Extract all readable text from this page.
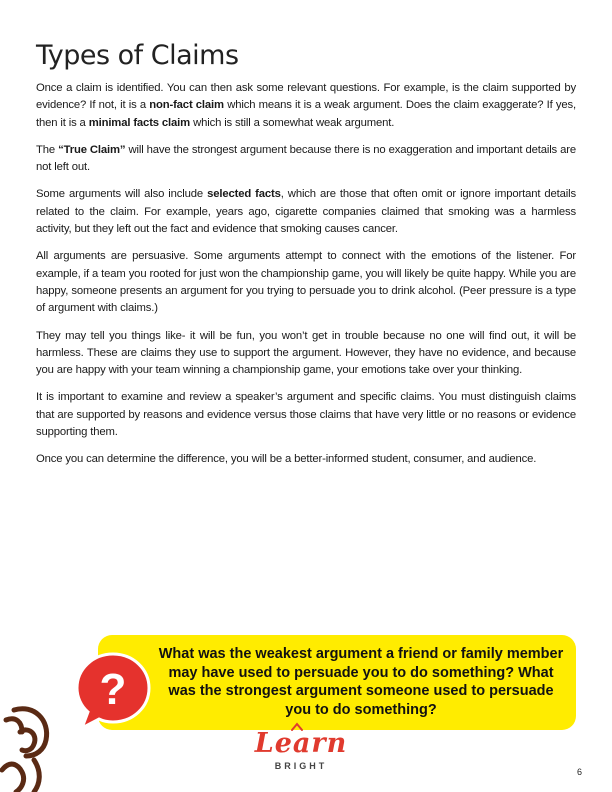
Types of Claims

Once a claim is identified. You can then ask some relevant questions. For example, is the claim supported by evidence? If not, it is a non-fact claim which means it is a weak argument. Does the claim exaggerate? If yes, then it is a minimal facts claim which is still a somewhat weak argument.

The “True Claim” will have the strongest argument because there is no exaggeration and important details are not left out.

Some arguments will also include selected facts, which are those that often omit or ignore important details related to the claim. For example, years ago, cigarette companies claimed that smoking was a harmless activity, but they left out the fact and evidence that smoking causes cancer.

All arguments are persuasive. Some arguments attempt to connect with the emotions of the listener. For example, if a team you rooted for just won the championship game, you will likely be quite happy. While you are happy, someone presents an argument for you trying to persuade you to drink alcohol. (Peer pressure is a type of argument with claims.)

They may tell you things like- it will be fun, you won’t get in trouble because no one will find out, it will be harmless. These are claims they use to support the argument. However, they have no evidence, and because you are happy with your team winning a championship game, your emotions take over your thinking.

It is important to examine and review a speaker’s argument and specific claims. You must distinguish claims that are supported by reasons and evidence versus those claims that have very little or no reasons or evidence supporting them.

Once you can determine the difference, you will be a better-informed student, consumer, and audience.

What was the weakest argument a friend or family member may have used to persuade you to do something? What was the strongest argument someone used to persuade you to do something?
?
Learn
BRIGHT
6
